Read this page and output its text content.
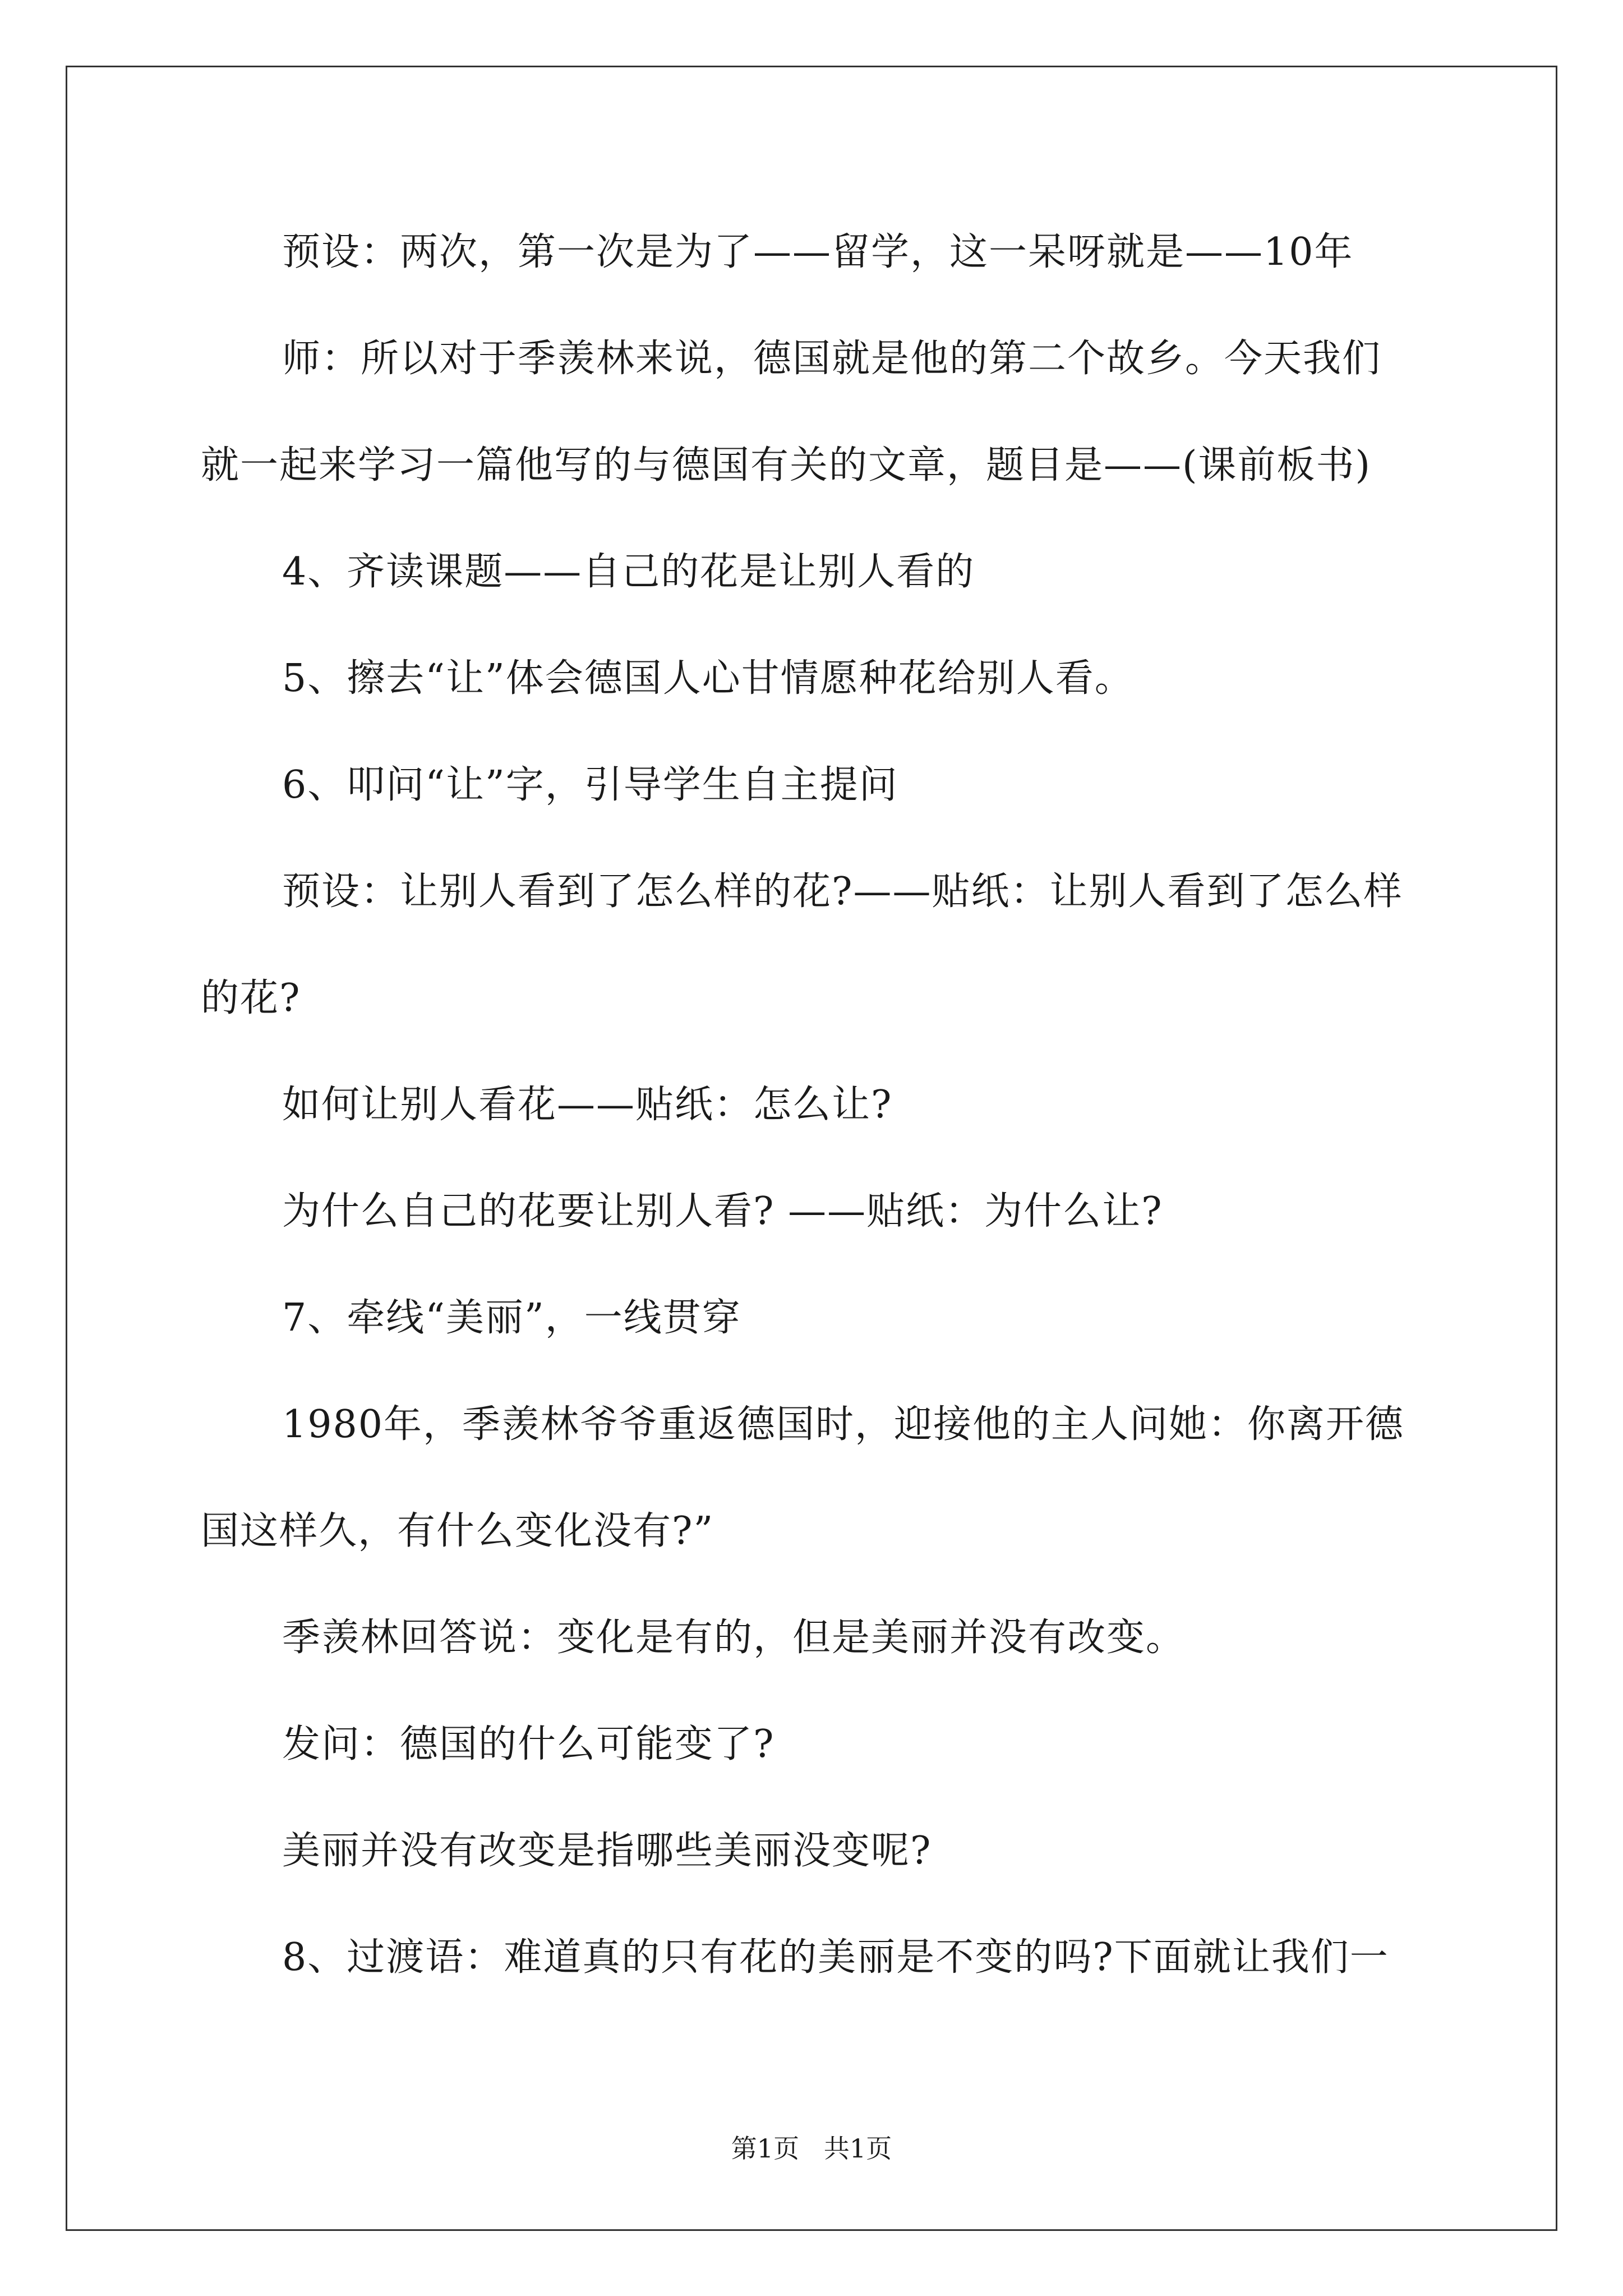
预设：两次，第一次是为了——留学，这一呆呀就是——10年
师：所以对于季羡林来说，德国就是他的第二个故乡。今天我们
就一起来学习一篇他写的与德国有关的文章，题目是——(课前板书)
4、齐读课题——自己的花是让别人看的
5、擦去“让”体会德国人心甘情愿种花给别人看。
6、叩问“让”字，引导学生自主提问
预设：让别人看到了怎么样的花?——贴纸：让别人看到了怎么样
的花?
如何让别人看花——贴纸：怎么让?
为什么自己的花要让别人看? ——贴纸：为什么让?
7、牵线“美丽”，一线贯穿
1980年，季羡林爷爷重返德国时，迎接他的主人问她：你离开德
国这样久，有什么变化没有?”
季羡林回答说：变化是有的，但是美丽并没有改变。
发问：德国的什么可能变了?
美丽并没有改变是指哪些美丽没变呢?
8、过渡语：难道真的只有花的美丽是不变的吗?下面就让我们一
第1页   共1页
